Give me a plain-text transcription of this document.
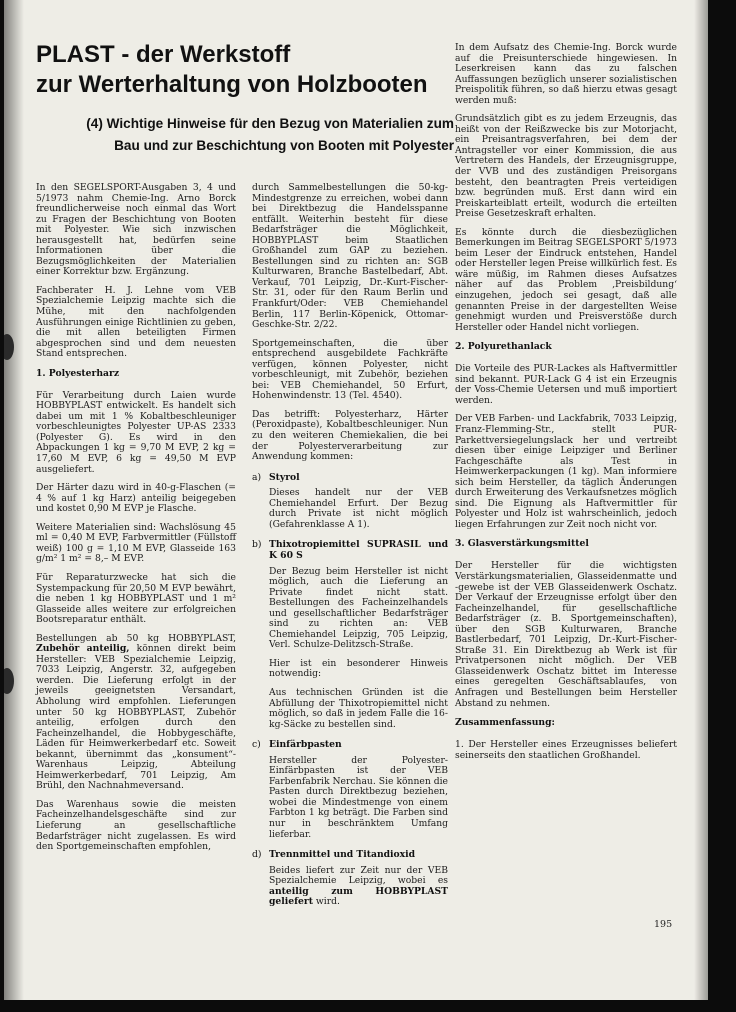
PLAST - der Werkstoff
zur Werterhaltung von Holzbooten
(4) Wichtige Hinweise für den Bezug von Materialien zum
Bau und zur Beschichtung von Booten mit Polyester

In den SEGELSPORT-Ausgaben 3, 4 und 5/1973 nahm Chemie-Ing. Arno Borck freundlicherweise noch einmal das Wort zu Fragen der Beschichtung von Booten mit Polyester. Wie sich inzwischen herausgestellt hat, bedürfen seine Informationen über die Bezugsmöglichkeiten der Materialien einer Korrektur bzw. Ergänzung.

Fachberater H. J. Lehne vom VEB Spezialchemie Leipzig machte sich die Mühe, mit den nachfolgenden Ausführungen einige Richtlinien zu geben, die mit allen beteiligten Firmen abgesprochen sind und dem neuesten Stand entsprechen.

1. Polyesterharz

Für Verarbeitung durch Laien wurde HOBBYPLAST entwickelt. Es handelt sich dabei um mit 1 % Kobaltbeschleuniger vorbeschleunigtes Polyester UP-AS 2333 (Polyester G). Es wird in den Abpackungen 1 kg = 9,70 M EVP, 2 kg = 17,60 M EVP, 6 kg = 49,50 M EVP ausgeliefert.

Der Härter dazu wird in 40-g-Flaschen (= 4 % auf 1 kg Harz) anteilig beigegeben und kostet 0,90 M EVP je Flasche.

Weitere Materialien sind: Wachslösung 45 ml = 0,40 M EVP, Farbvermittler (Füllstoff weiß) 100 g = 1,10 M EVP, Glasseide 163 g/m² 1 m² = 8,– M EVP.

Für Reparaturzwecke hat sich die Systempackung für 20,50 M EVP bewährt, die neben 1 kg HOBBYPLAST und 1 m² Glasseide alles weitere zur erfolgreichen Bootsreparatur enthält.

Bestellungen ab 50 kg HOBBYPLAST, Zubehör anteilig, können direkt beim Hersteller: VEB Spezialchemie Leipzig, 7033 Leipzig, Angerstr. 32, aufgegeben werden. Die Lieferung erfolgt in der jeweils geeignetsten Versandart, Abholung wird empfohlen. Lieferungen unter 50 kg HOBBYPLAST, Zubehör anteilig, erfolgen durch den Facheinzelhandel, die Hobbygeschäfte, Läden für Heimwerkerbedarf etc. Soweit bekannt, übernimmt das „konsument“-Warenhaus Leipzig, Abteilung Heimwerkerbedarf, 701 Leipzig, Am Brühl, den Nachnahmeversand.

Das Warenhaus sowie die meisten Facheinzelhandelsgeschäfte sind zur Lieferung an gesellschaftliche Bedarfsträger nicht zugelassen. Es wird den Sportgemeinschaften empfohlen,

durch Sammelbestellungen die 50-kg-Mindestgrenze zu erreichen, wobei dann bei Direktbezug die Handelsspanne entfällt. Weiterhin besteht für diese Bedarfsträger die Möglichkeit, HOBBYPLAST beim Staatlichen Großhandel zum GAP zu beziehen. Bestellungen sind zu richten an: SGB Kulturwaren, Branche Bastelbedarf, Abt. Verkauf, 701 Leipzig, Dr.-Kurt-Fischer-Str. 31, oder für den Raum Berlin und Frankfurt/Oder: VEB Chemiehandel Berlin, 117 Berlin-Köpenick, Ottomar-Geschke-Str. 2/22.

Sportgemeinschaften, die über entsprechend ausgebildete Fachkräfte verfügen, können Polyester, nicht vorbeschleunigt, mit Zubehör, beziehen bei: VEB Chemiehandel, 50 Erfurt, Hohenwindenstr. 13 (Tel. 4540).

Das betrifft: Polyesterharz, Härter (Peroxidpaste), Kobaltbeschleuniger. Nun zu den weiteren Chemiekalien, die bei der Polyesterverarbeitung zur Anwendung kommen:

a) Styrol

Dieses handelt nur der VEB Chemiehandel Erfurt. Der Bezug durch Private ist nicht möglich (Gefahrenklasse A 1).

b) Thixotropiemittel SUPRASIL und K 60 S

Der Bezug beim Hersteller ist nicht möglich, auch die Lieferung an Private findet nicht statt. Bestellungen des Facheinzelhandels und gesellschaftlicher Bedarfsträger sind zu richten an: VEB Chemiehandel Leipzig, 705 Leipzig, Verl. Schulze-Delitzsch-Straße.

Hier ist ein besonderer Hinweis notwendig:

Aus technischen Gründen ist die Abfüllung der Thixotropiemittel nicht möglich, so daß in jedem Falle die 16-kg-Säcke zu bestellen sind.

c) Einfärbpasten

Hersteller der Polyester-Einfärbpasten ist der VEB Farbenfabrik Nerchau. Sie können die Pasten durch Direktbezug beziehen, wobei die Mindestmenge von einem Farbton 1 kg beträgt. Die Farben sind nur in beschränktem Umfang lieferbar.

d) Trennmittel und Titandioxid

Beides liefert zur Zeit nur der VEB Spezialchemie Leipzig, wobei es anteilig zum HOBBYPLAST geliefert wird.

In dem Aufsatz des Chemie-Ing. Borck wurde auf die Preisunterschiede hingewiesen. In Leserkreisen kann das zu falschen Auffassungen bezüglich unserer sozialistischen Preispolitik führen, so daß hierzu etwas gesagt werden muß:

Grundsätzlich gibt es zu jedem Erzeugnis, das heißt von der Reißzwecke bis zur Motorjacht, ein Preisantragsverfahren, bei dem der Antragsteller vor einer Kommission, die aus Vertretern des Handels, der Erzeugnisgruppe, der VVB und des zuständigen Preisorgans besteht, den beantragten Preis verteidigen bzw. begründen muß. Erst dann wird ein Preiskarteiblatt erteilt, wodurch die erteilten Preise Gesetzeskraft erhalten.

Es könnte durch die diesbezüglichen Bemerkungen im Beitrag SEGELSPORT 5/1973 beim Leser der Eindruck entstehen, Handel oder Hersteller legen Preise willkürlich fest. Es wäre müßig, im Rahmen dieses Aufsatzes näher auf das Problem ‚Preisbildung‘ einzugehen, jedoch sei gesagt, daß alle genannten Preise in der dargestellten Weise genehmigt wurden und Preisverstöße durch Hersteller oder Handel nicht vorliegen.

2. Polyurethanlack

Die Vorteile des PUR-Lackes als Haftvermittler sind bekannt. PUR-Lack G 4 ist ein Erzeugnis der Voss-Chemie Uetersen und muß importiert werden.

Der VEB Farben- und Lackfabrik, 7033 Leipzig, Franz-Flemming-Str., stellt PUR-Parkettversiegelungslack her und vertreibt diesen über einige Leipziger und Berliner Fachgeschäfte als Test in Heimwerkerpackungen (1 kg). Man informiere sich beim Hersteller, da täglich Änderungen durch Erweiterung des Verkaufsnetzes möglich sind. Die Eignung als Haftvermittler für Polyester und Holz ist wahrscheinlich, jedoch liegen Erfahrungen zur Zeit noch nicht vor.

3. Glasverstärkungsmittel

Der Hersteller für die wichtigsten Verstärkungsmaterialien, Glasseidenmatte und -gewebe ist der VEB Glasseidenwerk Oschatz. Der Verkauf der Erzeugnisse erfolgt über den Facheinzelhandel, für gesellschaftliche Bedarfsträger (z. B. Sportgemeinschaften), über den SGB Kulturwaren, Branche Bastlerbedarf, 701 Leipzig, Dr.-Kurt-Fischer-Straße 31. Ein Direktbezug ab Werk ist für Privatpersonen nicht möglich. Der VEB Glasseidenwerk Oschatz bittet im Interesse eines geregelten Geschäftsablaufes, von Anfragen und Bestellungen beim Hersteller Abstand zu nehmen.

Zusammenfassung:

1. Der Hersteller eines Erzeugnisses beliefert seinerseits den staatlichen Großhandel.

195
